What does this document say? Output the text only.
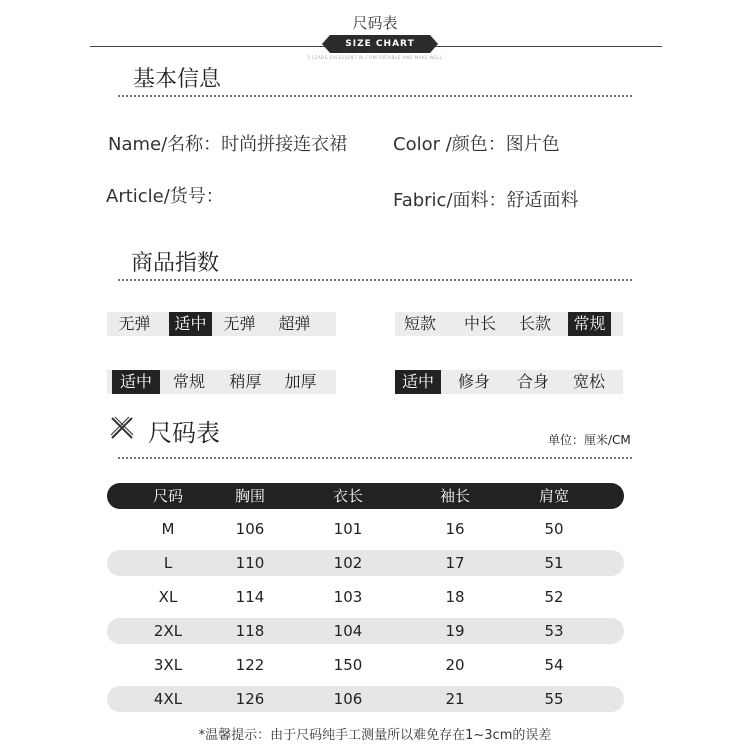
尺码表
SIZE CHART
5 LEADS EXCELLENT IN COMFORTABLE AND MAKE WELL
基本信息
Name/名称：时尚拼接连衣裙	Color /颜色：图片色
Article/货号：	Fabric/面料：舒适面料
商品指数
无弹	适中	无弹	超弹	短款	中长	长款	常规
适中	常规	稍厚	加厚	适中	修身	合身	宽松
尺码表	单位：厘米/CM
尺码	胸围	衣长	袖长	肩宽
M	106	101	16	50
L	110	102	17	51
XL	114	103	18	52
2XL	118	104	19	53
3XL	122	150	20	54
4XL	126	106	21	55
*温馨提示：由于尺码纯手工测量所以难免存在1~3cm的误差
